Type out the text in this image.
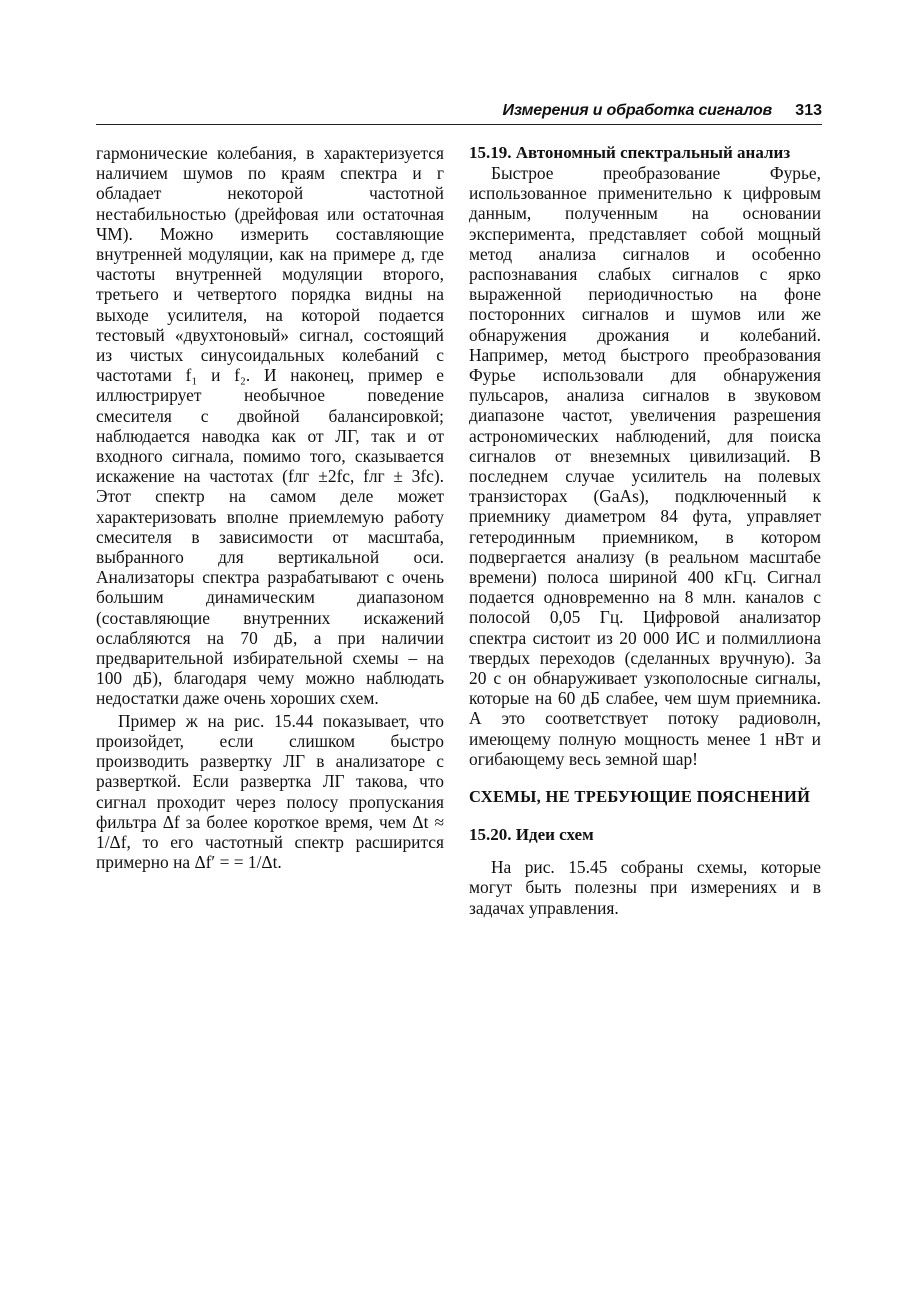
Измерения и обработка сигналов 313

гармонические колебания, в характеризуется наличием шумов по краям спектра и г обладает некоторой частотной нестабильностью (дрейфовая или остаточная ЧМ). Можно измерить составляющие внутренней модуляции, как на примере д, где частоты внутренней модуляции второго, третьего и четвертого порядка видны на выходе усилителя, на которой подается тестовый «двухтоновый» сигнал, состоящий из чистых синусоидальных колебаний с частотами f₁ и f₂. И наконец, пример е иллюстрирует необычное поведение смесителя с двойной балансировкой; наблюдается наводка как от ЛГ, так и от входного сигнала, помимо того, сказывается искажение на частотах (fлг ±2fc, fлг ± 3fc). Этот спектр на самом деле может характеризовать вполне приемлемую работу смесителя в зависимости от масштаба, выбранного для вертикальной оси. Анализаторы спектра разрабатывают с очень большим динамическим диапазоном (составляющие внутренних искажений ослабляются на 70 дБ, а при наличии предварительной избирательной схемы – на 100 дБ), благодаря чему можно наблюдать недостатки даже очень хороших схем.

Пример ж на рис. 15.44 показывает, что произойдет, если слишком быстро производить развертку ЛГ в анализаторе с разверткой. Если развертка ЛГ такова, что сигнал проходит через полосу пропускания фильтра Δf за более короткое время, чем Δt ≈ 1/Δf, то его частотный спектр расширится примерно на Δf′ = = 1/Δt.

15.19. Автономный спектральный анализ

Быстрое преобразование Фурье, использованное применительно к цифровым данным, полученным на основании эксперимента, представляет собой мощный метод анализа сигналов и особенно распознавания слабых сигналов с ярко выраженной периодичностью на фоне посторонних сигналов и шумов или же обнаружения дрожания и колебаний. Например, метод быстрого преобразования Фурье использовали для обнаружения пульсаров, анализа сигналов в звуковом диапазоне частот, увеличения разрешения астрономических наблюдений, для поиска сигналов от внеземных цивилизаций. В последнем случае усилитель на полевых транзисторах (GaAs), подключенный к приемнику диаметром 84 фута, управляет гетеродинным приемником, в котором подвергается анализу (в реальном масштабе времени) полоса шириной 400 кГц. Сигнал подается одновременно на 8 млн. каналов с полосой 0,05 Гц. Цифровой анализатор спектра систоит из 20 000 ИС и полмиллиона твердых переходов (сделанных вручную). За 20 с он обнаруживает узкополосные сигналы, которые на 60 дБ слабее, чем шум приемника. А это соответствует потоку радиоволн, имеющему полную мощность менее 1 нВт и огибающему весь земной шар!

СХЕМЫ, НЕ ТРЕБУЮЩИЕ ПОЯСНЕНИЙ

15.20. Идеи схем

На рис. 15.45 собраны схемы, которые могут быть полезны при измерениях и в задачах управления.
